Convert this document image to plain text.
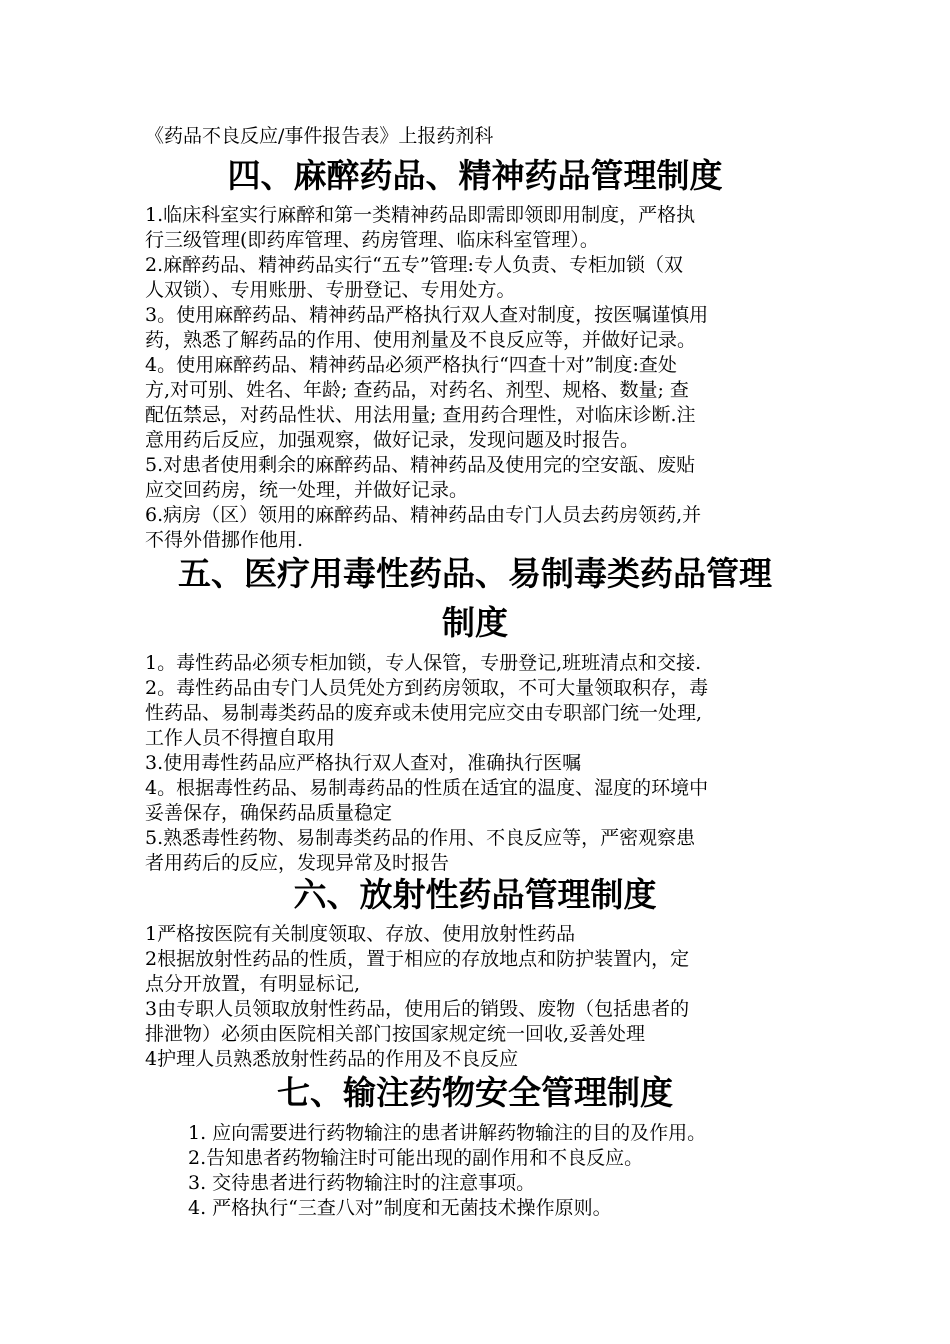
《药品不良反应/事件报告表》上报药剂科
四、麻醉药品、精神药品管理制度
1.临床科室实行麻醉和第一类精神药品即需即领即用制度，严格执
行三级管理(即药库管理、药房管理、临床科室管理）。
2.麻醉药品、精神药品实行“五专”管理:专人负责、专柜加锁（双
人双锁）、专用账册、专册登记、专用处方。
3。使用麻醉药品、精神药品严格执行双人查对制度，按医嘱谨慎用
药，熟悉了解药品的作用、使用剂量及不良反应等，并做好记录。
4。使用麻醉药品、精神药品必须严格执行“四查十对”制度:查处
方,对可别、姓名、年龄; 查药品，对药名、剂型、规格、数量; 查
配伍禁忌，对药品性状、用法用量; 查用药合理性，对临床诊断.注
意用药后反应，加强观察，做好记录，发现问题及时报告。
5.对患者使用剩余的麻醉药品、精神药品及使用完的空安瓿、废贴
应交回药房，统一处理，并做好记录。
6.病房（区）领用的麻醉药品、精神药品由专门人员去药房领药,并
不得外借挪作他用.
五、医疗用毒性药品、易制毒类药品管理
制度
1。毒性药品必须专柜加锁，专人保管，专册登记,班班清点和交接.
2。毒性药品由专门人员凭处方到药房领取，不可大量领取积存，毒
性药品、易制毒类药品的废弃或未使用完应交由专职部门统一处理,
工作人员不得擅自取用
3.使用毒性药品应严格执行双人查对，准确执行医嘱
4。根据毒性药品、易制毒药品的性质在适宜的温度、湿度的环境中
妥善保存，确保药品质量稳定
5.熟悉毒性药物、易制毒类药品的作用、不良反应等，严密观察患
者用药后的反应，发现异常及时报告
六、放射性药品管理制度
1严格按医院有关制度领取、存放、使用放射性药品
2根据放射性药品的性质，置于相应的存放地点和防护装置内，定
点分开放置，有明显标记,
3由专职人员领取放射性药品，使用后的销毁、废物（包括患者的
排泄物）必须由医院相关部门按国家规定统一回收,妥善处理
4护理人员熟悉放射性药品的作用及不良反应
七、输注药物安全管理制度
1. 应向需要进行药物输注的患者讲解药物输注的目的及作用。
2.告知患者药物输注时可能出现的副作用和不良反应。
3. 交待患者进行药物输注时的注意事项。
4. 严格执行“三查八对”制度和无菌技术操作原则。
